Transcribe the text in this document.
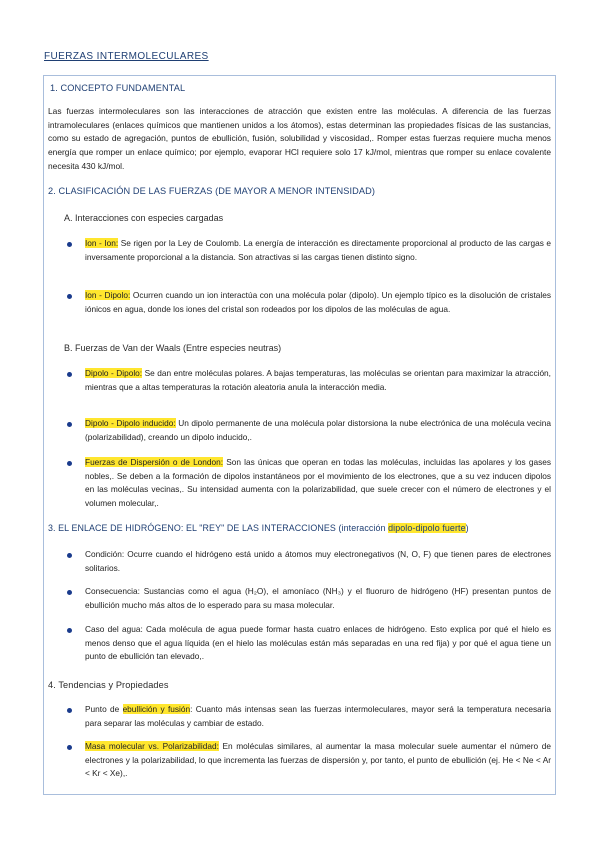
FUERZAS INTERMOLECULARES
1. CONCEPTO FUNDAMENTAL
Las fuerzas intermoleculares son las interacciones de atracción que existen entre las moléculas. A diferencia de las fuerzas intramoleculares (enlaces químicos que mantienen unidos a los átomos), estas determinan las propiedades físicas de las sustancias, como su estado de agregación, puntos de ebullición, fusión, solubilidad y viscosidad,. Romper estas fuerzas requiere mucha menos energía que romper un enlace químico; por ejemplo, evaporar HCl requiere solo 17 kJ/mol, mientras que romper su enlace covalente necesita 430 kJ/mol.
2. CLASIFICACIÓN DE LAS FUERZAS (DE MAYOR A MENOR INTENSIDAD)
A. Interacciones con especies cargadas
Ion - Ion: Se rigen por la Ley de Coulomb. La energía de interacción es directamente proporcional al producto de las cargas e inversamente proporcional a la distancia. Son atractivas si las cargas tienen distinto signo.
Ion - Dipolo: Ocurren cuando un ion interactúa con una molécula polar (dipolo). Un ejemplo típico es la disolución de cristales iónicos en agua, donde los iones del cristal son rodeados por los dipolos de las moléculas de agua.
B. Fuerzas de Van der Waals (Entre especies neutras)
Dipolo - Dipolo: Se dan entre moléculas polares. A bajas temperaturas, las moléculas se orientan para maximizar la atracción, mientras que a altas temperaturas la rotación aleatoria anula la interacción media.
Dipolo - Dipolo inducido: Un dipolo permanente de una molécula polar distorsiona la nube electrónica de una molécula vecina (polarizabilidad), creando un dipolo inducido,.
Fuerzas de Dispersión o de London: Son las únicas que operan en todas las moléculas, incluidas las apolares y los gases nobles,. Se deben a la formación de dipolos instantáneos por el movimiento de los electrones, que a su vez inducen dipolos en las moléculas vecinas,. Su intensidad aumenta con la polarizabilidad, que suele crecer con el número de electrones y el volumen molecular,.
3. EL ENLACE DE HIDRÓGENO: EL "REY" DE LAS INTERACCIONES (interacción dipolo-dipolo fuerte)
Condición: Ocurre cuando el hidrógeno está unido a átomos muy electronegativos (N, O, F) que tienen pares de electrones solitarios.
Consecuencia: Sustancias como el agua (H₂O), el amoníaco (NH₃) y el fluoruro de hidrógeno (HF) presentan puntos de ebullición mucho más altos de lo esperado para su masa molecular.
Caso del agua: Cada molécula de agua puede formar hasta cuatro enlaces de hidrógeno. Esto explica por qué el hielo es menos denso que el agua líquida (en el hielo las moléculas están más separadas en una red fija) y por qué el agua tiene un punto de ebullición tan elevado,.
4. Tendencias y Propiedades
Punto de ebullición y fusión: Cuanto más intensas sean las fuerzas intermoleculares, mayor será la temperatura necesaria para separar las moléculas y cambiar de estado.
Masa molecular vs. Polarizabilidad: En moléculas similares, al aumentar la masa molecular suele aumentar el número de electrones y la polarizabilidad, lo que incrementa las fuerzas de dispersión y, por tanto, el punto de ebullición (ej. He < Ne < Ar < Kr < Xe),.
